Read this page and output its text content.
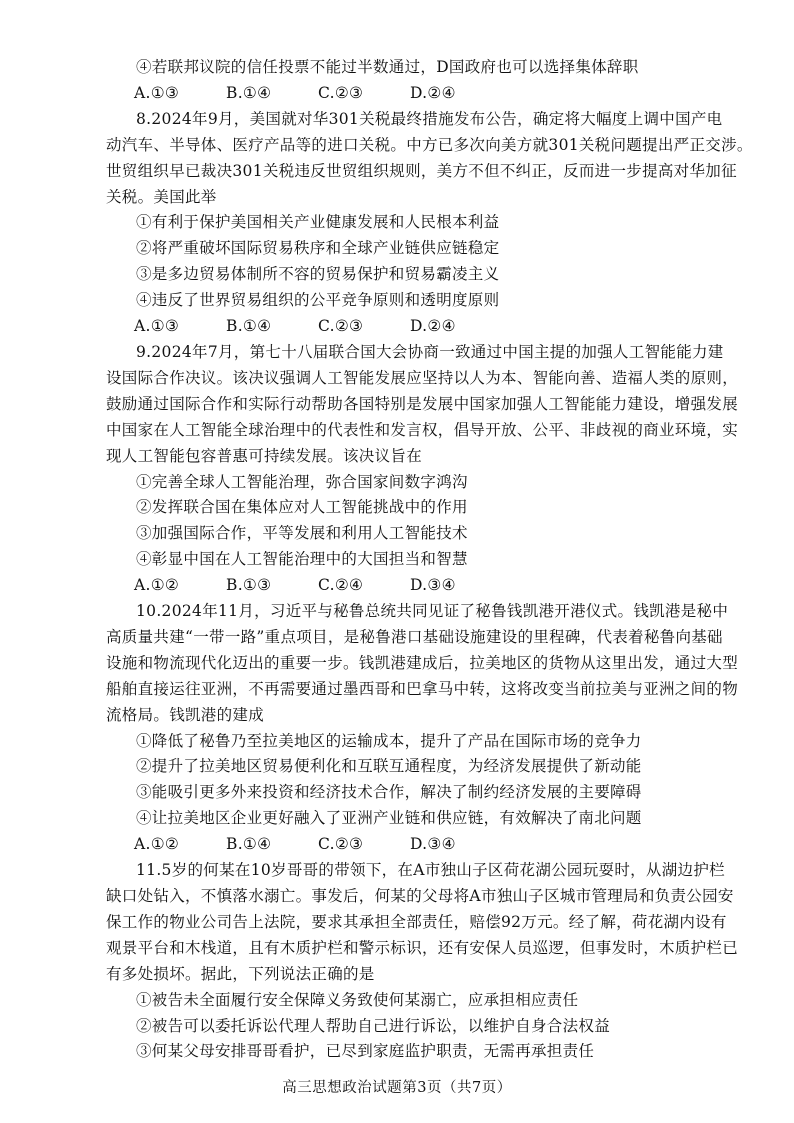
④若联邦议院的信任投票不能过半数通过，D国政府也可以选择集体辞职
A.①③	B.①④	C.②③	D.②④
8.2024年9月，美国就对华301关税最终措施发布公告，确定将大幅度上调中国产电
动汽车、半导体、医疗产品等的进口关税。中方已多次向美方就301关税问题提出严正交涉。
世贸组织早已裁决301关税违反世贸组织规则，美方不但不纠正，反而进一步提高对华加征
关税。美国此举
①有利于保护美国相关产业健康发展和人民根本利益
②将严重破坏国际贸易秩序和全球产业链供应链稳定
③是多边贸易体制所不容的贸易保护和贸易霸凌主义
④违反了世界贸易组织的公平竞争原则和透明度原则
A.①③	B.①④	C.②③	D.②④
9.2024年7月，第七十八届联合国大会协商一致通过中国主提的加强人工智能能力建
设国际合作决议。该决议强调人工智能发展应坚持以人为本、智能向善、造福人类的原则，
鼓励通过国际合作和实际行动帮助各国特别是发展中国家加强人工智能能力建设，增强发展
中国家在人工智能全球治理中的代表性和发言权，倡导开放、公平、非歧视的商业环境，实
现人工智能包容普惠可持续发展。该决议旨在
①完善全球人工智能治理，弥合国家间数字鸿沟
②发挥联合国在集体应对人工智能挑战中的作用
③加强国际合作，平等发展和利用人工智能技术
④彰显中国在人工智能治理中的大国担当和智慧
A.①②	B.①③	C.②④	D.③④
10.2024年11月，习近平与秘鲁总统共同见证了秘鲁钱凯港开港仪式。钱凯港是秘中
高质量共建“一带一路”重点项目，是秘鲁港口基础设施建设的里程碑，代表着秘鲁向基础
设施和物流现代化迈出的重要一步。钱凯港建成后，拉美地区的货物从这里出发，通过大型
船舶直接运往亚洲，不再需要通过墨西哥和巴拿马中转，这将改变当前拉美与亚洲之间的物
流格局。钱凯港的建成
①降低了秘鲁乃至拉美地区的运输成本，提升了产品在国际市场的竞争力
②提升了拉美地区贸易便利化和互联互通程度，为经济发展提供了新动能
③能吸引更多外来投资和经济技术合作，解决了制约经济发展的主要障碍
④让拉美地区企业更好融入了亚洲产业链和供应链，有效解决了南北问题
A.①②	B.①④	C.②③	D.③④
11.5岁的何某在10岁哥哥的带领下，在A市独山子区荷花湖公园玩耍时，从湖边护栏
缺口处钻入，不慎落水溺亡。事发后，何某的父母将A市独山子区城市管理局和负责公园安
保工作的物业公司告上法院，要求其承担全部责任，赔偿92万元。经了解，荷花湖内设有
观景平台和木栈道，且有木质护栏和警示标识，还有安保人员巡逻，但事发时，木质护栏已
有多处损坏。据此，下列说法正确的是
①被告未全面履行安全保障义务致使何某溺亡，应承担相应责任
②被告可以委托诉讼代理人帮助自己进行诉讼，以维护自身合法权益
③何某父母安排哥哥看护，已尽到家庭监护职责，无需再承担责任
高三思想政治试题第3页（共7页）
